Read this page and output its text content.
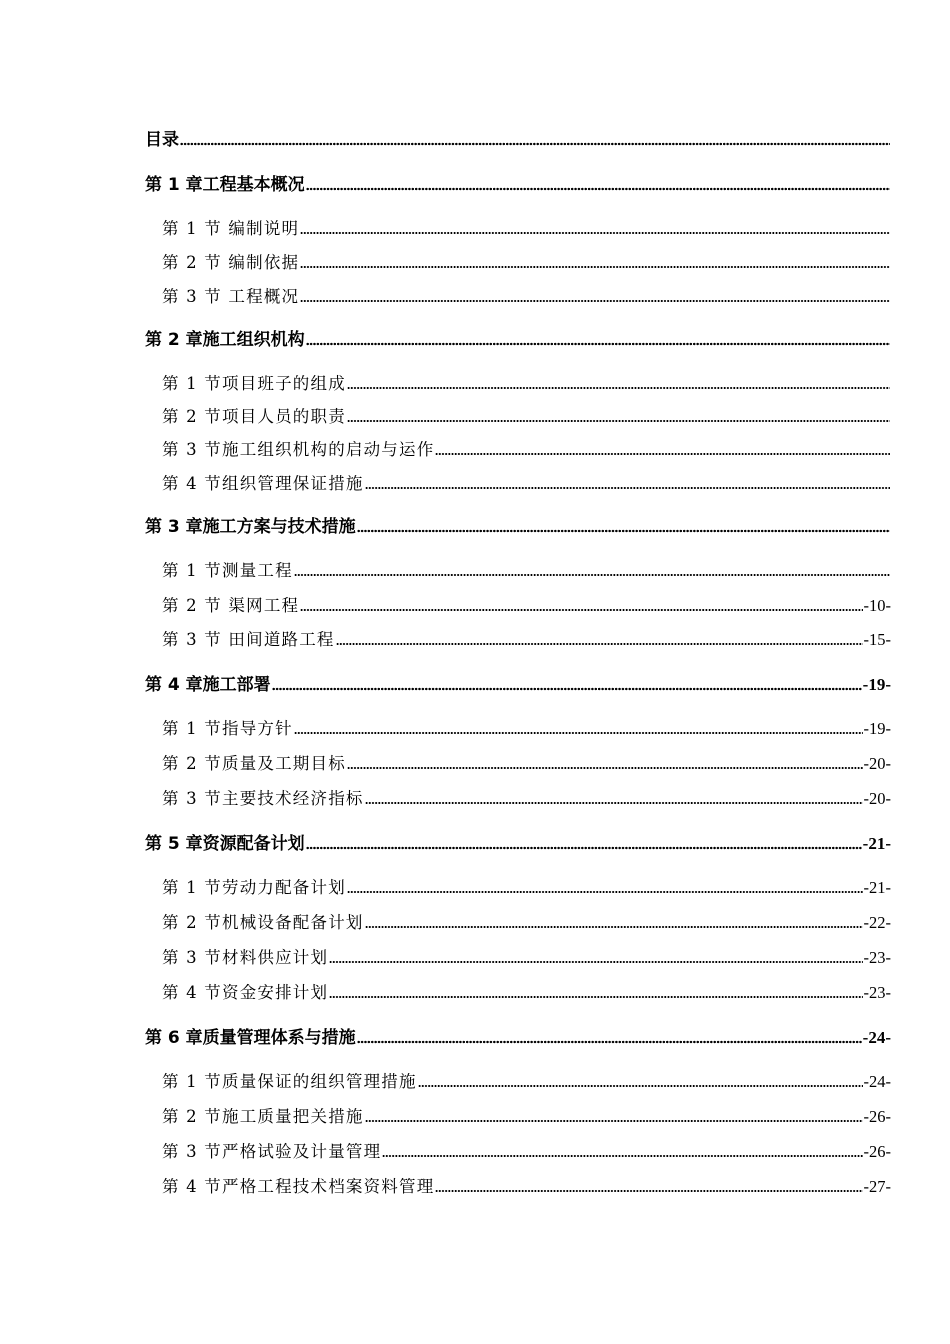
目录
第 1 章工程基本概况
第 1 节 编制说明
第 2 节 编制依据
第 3 节 工程概况
第 2 章施工组织机构
第 1 节项目班子的组成
第 2 节项目人员的职责
第 3 节施工组织机构的启动与运作
第 4 节组织管理保证措施
第 3 章施工方案与技术措施
第 1 节测量工程
第 2 节 渠网工程	-10-
第 3 节 田间道路工程	-15-
第 4 章施工部署	-19-
第 1 节指导方针	-19-
第 2 节质量及工期目标	-20-
第 3 节主要技术经济指标	-20-
第 5 章资源配备计划	-21-
第 1 节劳动力配备计划	-21-
第 2 节机械设备配备计划	-22-
第 3 节材料供应计划	-23-
第 4 节资金安排计划	-23-
第 6 章质量管理体系与措施	-24-
第 1 节质量保证的组织管理措施	-24-
第 2 节施工质量把关措施	-26-
第 3 节严格试验及计量管理	-26-
第 4 节严格工程技术档案资料管理	-27-
